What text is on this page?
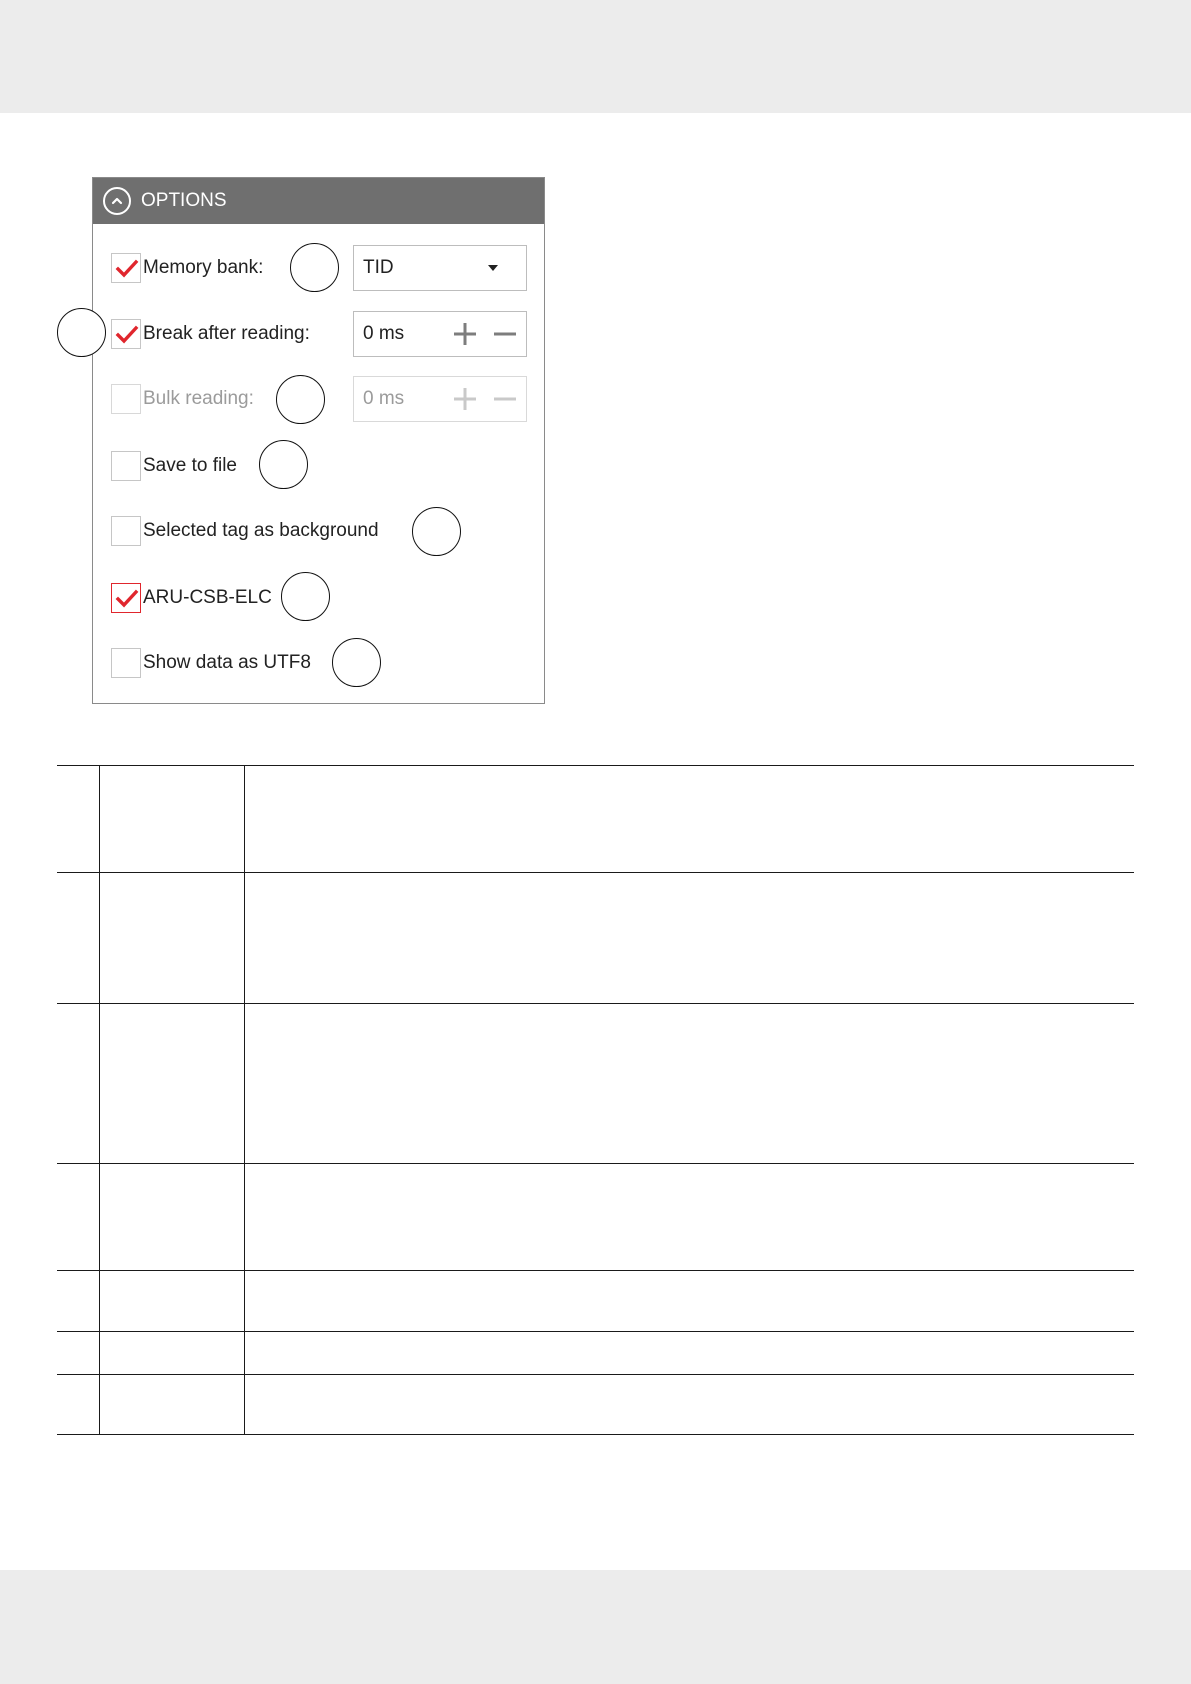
OPTIONS
Memory bank:	TID
Break after reading:	0 ms
Bulk reading:	0 ms
Save to file
Selected tag as background
ARU-CSB-ELC
Show data as UTF8
